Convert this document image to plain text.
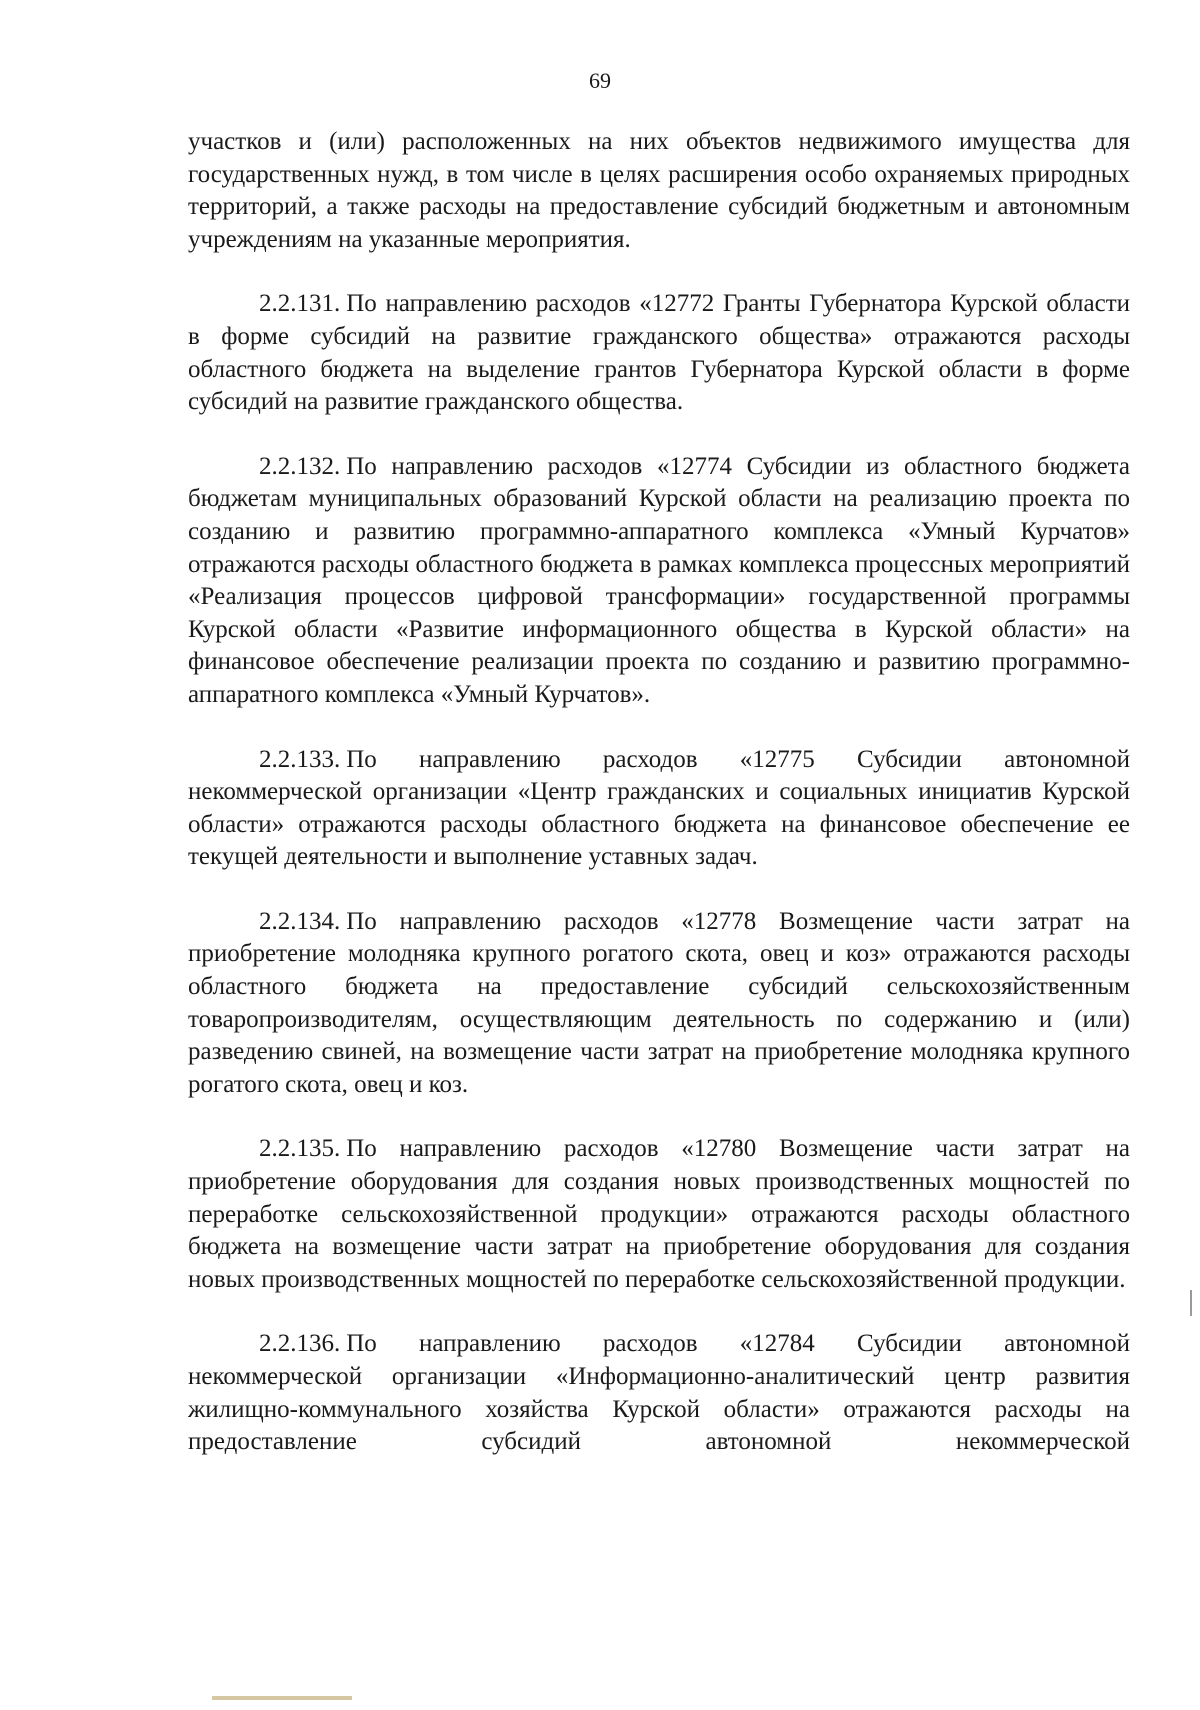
69

участков и (или) расположенных на них объектов недвижимого имущества для государственных нужд, в том числе в целях расширения особо охраняемых природных территорий, а также расходы на предоставление субсидий бюджетным и автономным учреждениям на указанные мероприятия.

2.2.131. По направлению расходов «12772 Гранты Губернатора Курской области в форме субсидий на развитие гражданского общества» отражаются расходы областного бюджета на выделение грантов Губернатора Курской области в форме субсидий на развитие гражданского общества.

2.2.132. По направлению расходов «12774 Субсидии из областного бюджета бюджетам муниципальных образований Курской области на реализацию проекта по созданию и развитию программно-аппаратного комплекса «Умный Курчатов» отражаются расходы областного бюджета в рамках комплекса процессных мероприятий «Реализация процессов цифровой трансформации» государственной программы Курской области «Развитие информационного общества в Курской области» на финансовое обеспечение реализации проекта по созданию и развитию программно-аппаратного комплекса «Умный Курчатов».

2.2.133. По направлению расходов «12775 Субсидии автономной некоммерческой организации «Центр гражданских и социальных инициатив Курской области» отражаются расходы областного бюджета на финансовое обеспечение ее текущей деятельности и выполнение уставных задач.

2.2.134. По направлению расходов «12778 Возмещение части затрат на приобретение молодняка крупного рогатого скота, овец и коз» отражаются расходы областного бюджета на предоставление субсидий сельскохозяйственным товаропроизводителям, осуществляющим деятельность по содержанию и (или) разведению свиней, на возмещение части затрат на приобретение молодняка крупного рогатого скота, овец и коз.

2.2.135. По направлению расходов «12780 Возмещение части затрат на приобретение оборудования для создания новых производственных мощностей по переработке сельскохозяйственной продукции» отражаются расходы областного бюджета на возмещение части затрат на приобретение оборудования для создания новых производственных мощностей по переработке сельскохозяйственной продукции.

2.2.136. По направлению расходов «12784 Субсидии автономной некоммерческой организации «Информационно-аналитический центр развития жилищно-коммунального хозяйства Курской области» отражаются расходы на предоставление субсидий автономной некоммерческой
